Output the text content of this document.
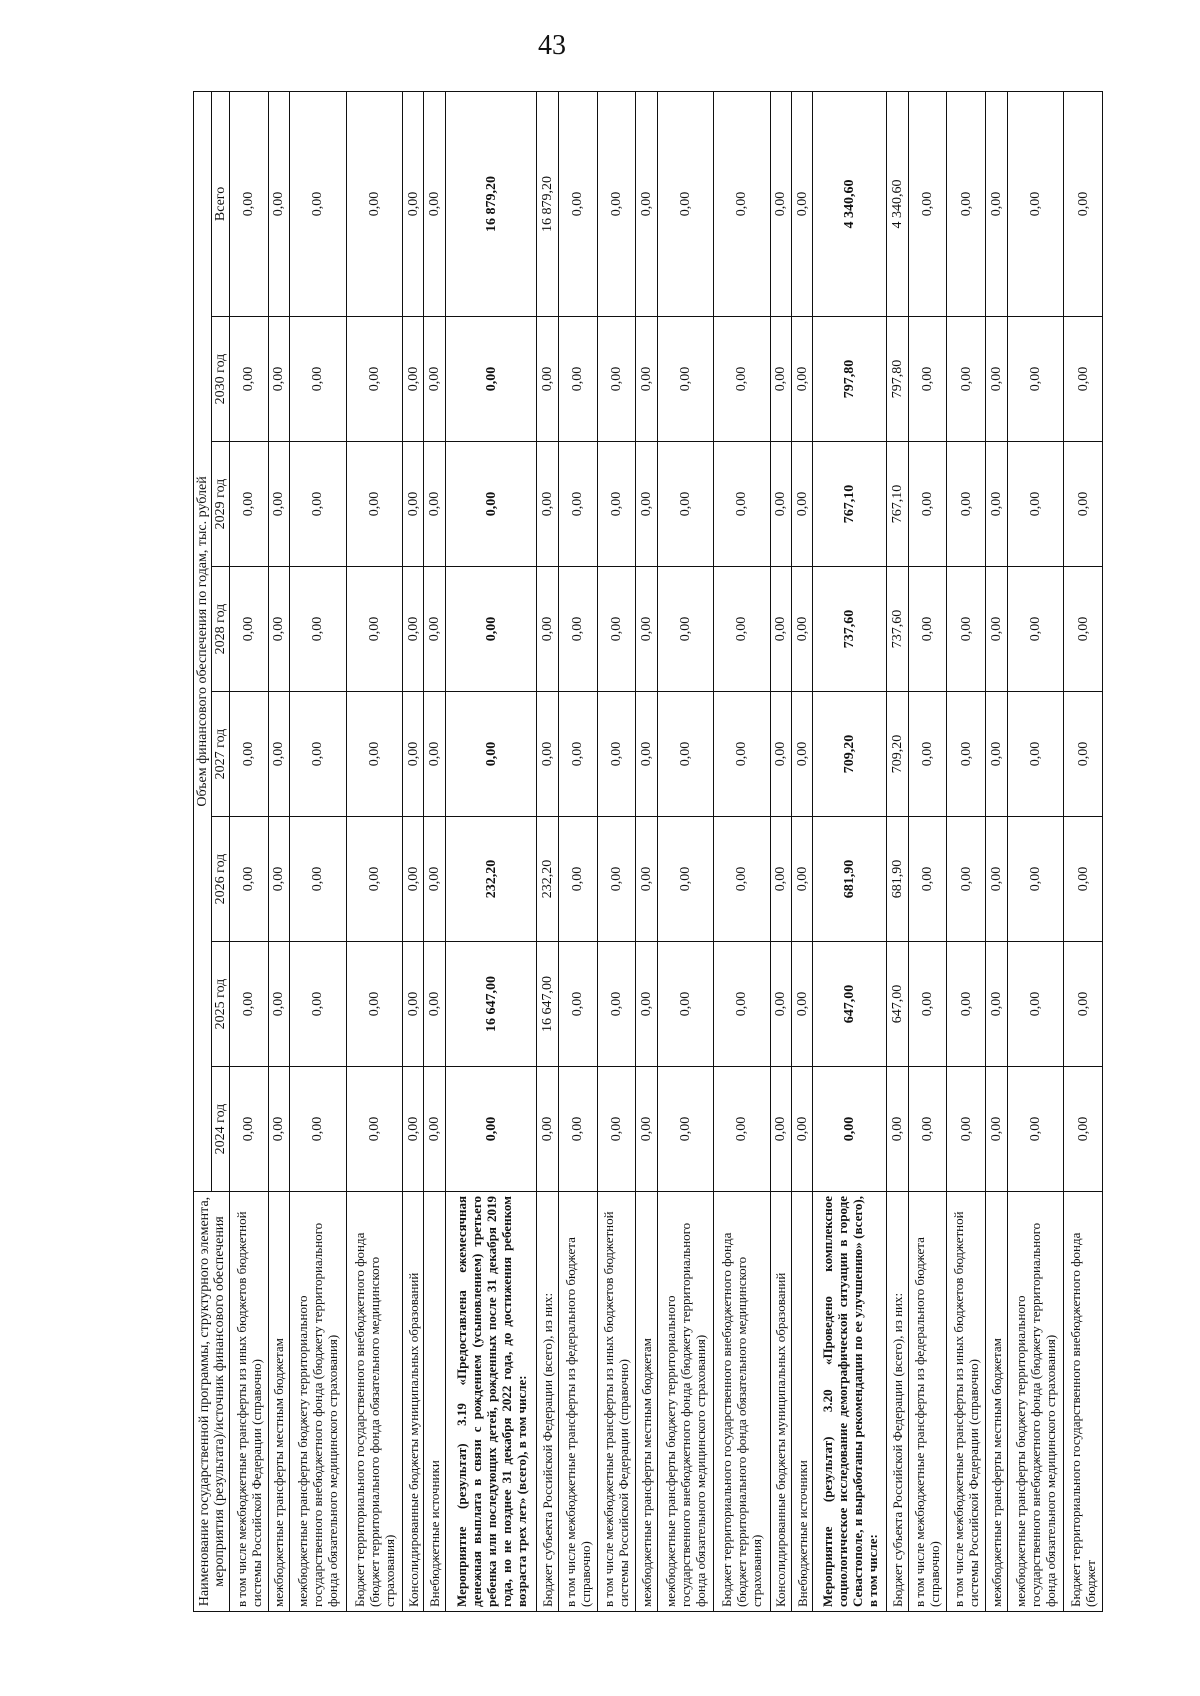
43
Наименование государственной программы, структурного элемента, мероприятия (результата)/источник финансового обеспечения	Объем финансового обеспечения по годам, тыс. рублей							
	2024 год	2025 год	2026 год	2027 год	2028 год	2029 год	2030 год	Всего
в том числе межбюджетные трансферты из иных бюджетов бюджетной системы Российской Федерации (справочно)	0,00	0,00	0,00	0,00	0,00	0,00	0,00	0,00
межбюджетные трансферты местным бюджетам	0,00	0,00	0,00	0,00	0,00	0,00	0,00	0,00
межбюджетные трансферты бюджету территориального государственного внебюджетного фонда (бюджету территориального фонда обязательного медицинского страхования)	0,00	0,00	0,00	0,00	0,00	0,00	0,00	0,00
Бюджет территориального государственного внебюджетного фонда (бюджет территориального фонда обязательного медицинского страхования)	0,00	0,00	0,00	0,00	0,00	0,00	0,00	0,00
Консолидированные бюджеты муниципальных образований	0,00	0,00	0,00	0,00	0,00	0,00	0,00	0,00
Внебюджетные источники	0,00	0,00	0,00	0,00	0,00	0,00	0,00	0,00
Мероприятие (результат) 3.19 «Предоставлена ежемесячная денежная выплата в связи с рождением (усыновлением) третьего ребенка или последующих детей, рожденных после 31 декабря 2019 года, но не позднее 31 декабря 2022 года, до достижения ребенком возраста трех лет» (всего), в том числе:	0,00	16 647,00	232,20	0,00	0,00	0,00	0,00	16 879,20
Бюджет субъекта Российской Федерации (всего), из них:	0,00	16 647,00	232,20	0,00	0,00	0,00	0,00	16 879,20
в том числе межбюджетные трансферты из федерального бюджета (справочно)	0,00	0,00	0,00	0,00	0,00	0,00	0,00	0,00
в том числе межбюджетные трансферты из иных бюджетов бюджетной системы Российской Федерации (справочно)	0,00	0,00	0,00	0,00	0,00	0,00	0,00	0,00
межбюджетные трансферты местным бюджетам	0,00	0,00	0,00	0,00	0,00	0,00	0,00	0,00
межбюджетные трансферты бюджету территориального государственного внебюджетного фонда (бюджету территориального фонда обязательного медицинского страхования)	0,00	0,00	0,00	0,00	0,00	0,00	0,00	0,00
Бюджет территориального государственного внебюджетного фонда (бюджет территориального фонда обязательного медицинского страхования)	0,00	0,00	0,00	0,00	0,00	0,00	0,00	0,00
Консолидированные бюджеты муниципальных образований	0,00	0,00	0,00	0,00	0,00	0,00	0,00	0,00
Внебюджетные источники	0,00	0,00	0,00	0,00	0,00	0,00	0,00	0,00
Мероприятие (результат) 3.20 «Проведено комплексное социологическое исследование демографической ситуации в городе Севастополе, и выработаны рекомендации по ее улучшению» (всего), в том числе:	0,00	647,00	681,90	709,20	737,60	767,10	797,80	4 340,60
Бюджет субъекта Российской Федерации (всего), из них:	0,00	647,00	681,90	709,20	737,60	767,10	797,80	4 340,60
в том числе межбюджетные трансферты из федерального бюджета (справочно)	0,00	0,00	0,00	0,00	0,00	0,00	0,00	0,00
в том числе межбюджетные трансферты из иных бюджетов бюджетной системы Российской Федерации (справочно)	0,00	0,00	0,00	0,00	0,00	0,00	0,00	0,00
межбюджетные трансферты местным бюджетам	0,00	0,00	0,00	0,00	0,00	0,00	0,00	0,00
межбюджетные трансферты бюджету территориального государственного внебюджетного фонда (бюджету территориального фонда обязательного медицинского страхования)	0,00	0,00	0,00	0,00	0,00	0,00	0,00	0,00
Бюджет территориального государственного внебюджетного фонда (бюджет	0,00	0,00	0,00	0,00	0,00	0,00	0,00	0,00
